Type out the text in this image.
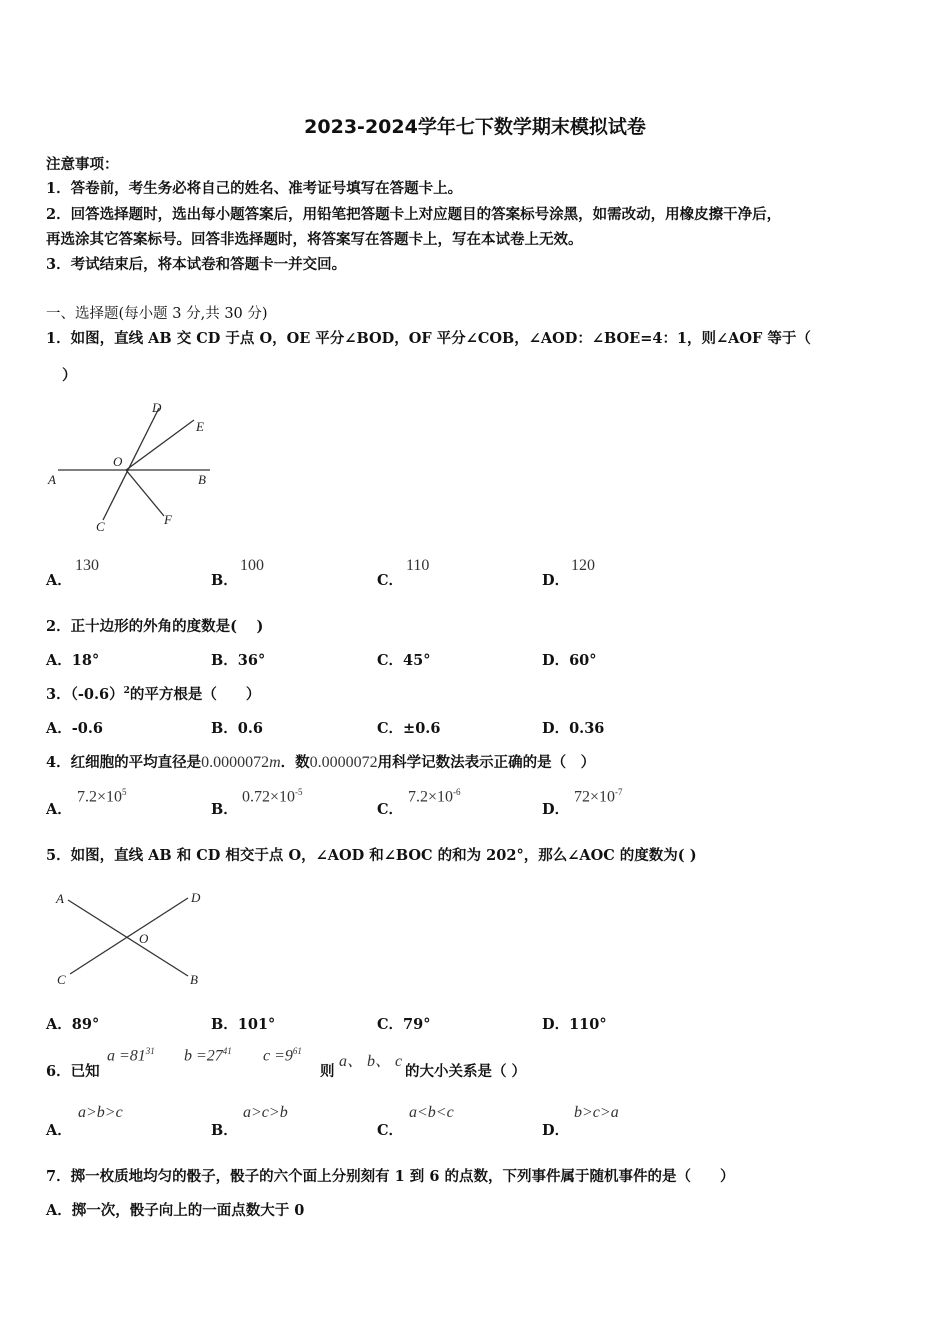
2023-2024学年七下数学期末模拟试卷
注意事项：
1．答卷前，考生务必将自己的姓名、准考证号填写在答题卡上。
2．回答选择题时，选出每小题答案后，用铅笔把答题卡上对应题目的答案标号涂黑，如需改动，用橡皮擦干净后，
再选涂其它答案标号。回答非选择题时，将答案写在答题卡上，写在本试卷上无效。
3．考试结束后，将本试卷和答题卡一并交回。
一、选择题(每小题 3 分,共 30 分)
1．如图，直线 AB 交 CD 于点 O，OE 平分∠BOD，OF 平分∠COB，∠AOD：∠BOE=4：1，则∠AOF 等于（
）
D
E
O
A	B
C	F
A．
130
B．
100
C．
110
D．
120
2．正十边形的外角的度数是(　 )
A．18°	B．36°	C．45°	D．60°
3．$(-0.6)^2$的平方根是（　　）
A．-0.6	B．0.6	C．±0.6	D．0.36
4．红细胞的平均直径是0.0000072m．数0.0000072用科学记数法表示正确的是（　）
A．
$7.2\times 10^5$
B．
$0.72\times 10^{-5}$
C．
$7.2\times 10^{-6}$
D．
$72\times 10^{-7}$
5．如图，直线 AB 和 CD 相交于点 O，∠AOD 和∠BOC 的和为 202°，那么∠AOC 的度数为( )
A	D
O
C	B
A．89°	B．101°	C．79°	D．110°
6．已知
$a =81^{31}$ $b =27^{41}$ $c =9^{61}$
则
a、 b、 c
的大小关系是（ ）
A．
a>b>c
B．
a>c>b
C．
a<b<c
D．
b>c>a
7．掷一枚质地均匀的骰子，骰子的六个面上分别刻有 1 到 6 的点数，下列事件属于随机事件的是（　　）
A．掷一次，骰子向上的一面点数大于 0
